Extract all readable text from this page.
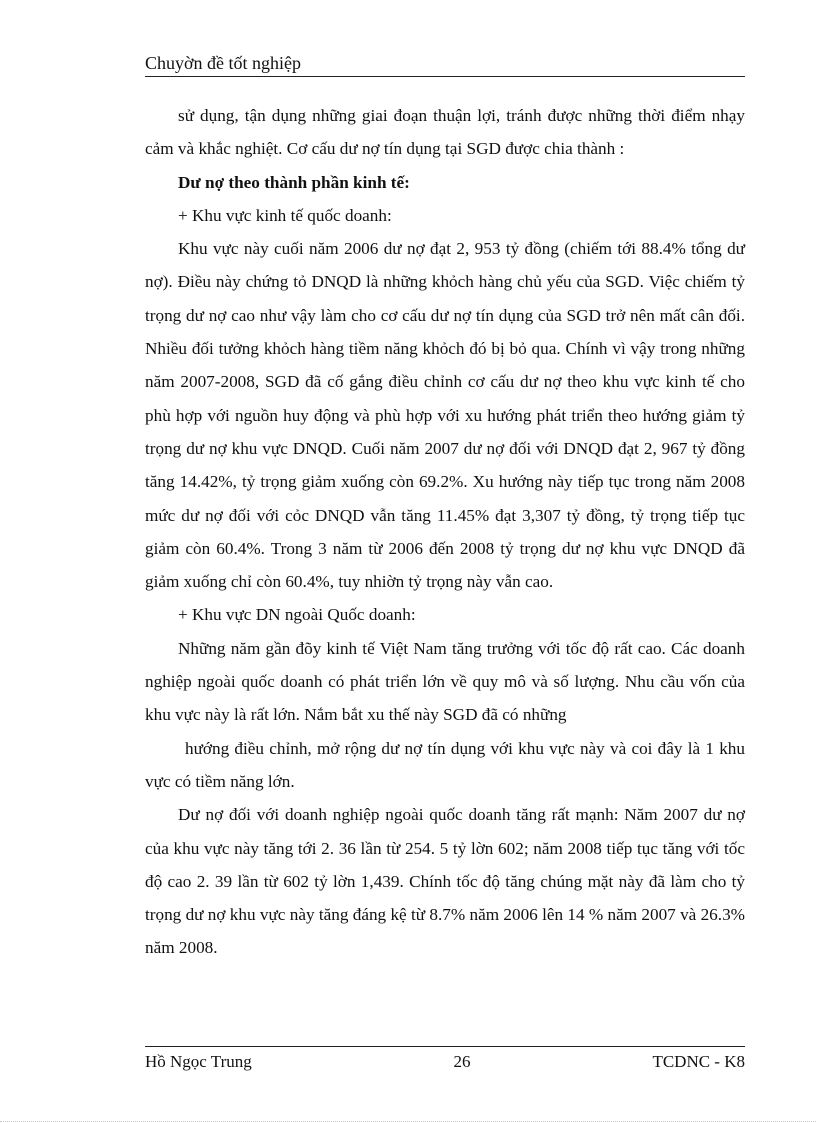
Chuyờn đề tốt nghiệp

sử dụng, tận dụng những giai đoạn thuận lợi, tránh được những thời điểm nhạy cảm và khắc nghiệt. Cơ cấu dư nợ tín dụng tại SGD được chia thành :

Dư nợ theo thành phần kinh tế:

+ Khu vực kinh tế quốc doanh:

Khu vực này cuối năm 2006 dư nợ đạt 2, 953 tỷ đồng (chiếm tới 88.4% tổng dư nợ). Điều này chứng tỏ DNQD là những khỏch hàng chủ yếu của SGD. Việc chiếm tỷ trọng dư nợ cao như vậy làm cho cơ cấu dư nợ tín dụng của SGD trở nên mất cân đối. Nhiều đối tưởng khỏch hàng tiềm năng khỏch đó bị bỏ qua. Chính vì vậy trong những năm 2007-2008, SGD đã cố gắng điều chỉnh cơ cấu dư nợ theo khu vực kinh tế cho phù hợp với nguồn huy động và phù hợp với xu hướng phát triển theo hướng giảm tỷ trọng dư nợ khu vực DNQD. Cuối năm 2007 dư nợ đối với DNQD đạt 2, 967 tỷ đồng tăng 14.42%, tỷ trọng giảm xuống còn 69.2%. Xu hướng này tiếp tục trong năm 2008 mức dư nợ đối với cỏc DNQD vẫn tăng 11.45% đạt 3,307 tỷ đồng, tỷ trọng tiếp tục giảm còn 60.4%. Trong 3 năm từ 2006 đến 2008 tỷ trọng dư nợ khu vực DNQD đã giảm xuống chỉ còn 60.4%, tuy nhiờn tỷ trọng này vẫn cao.

+ Khu vực DN ngoài Quốc doanh:

Những năm gần đõy kinh tế Việt Nam tăng trưởng với tốc độ rất cao. Các doanh nghiệp ngoài quốc doanh có phát triển lớn về quy mô và số lượng. Nhu cầu vốn của khu vực này là rất lớn. Nắm bắt xu thế này SGD đã có những

hướng điều chỉnh, mở rộng dư nợ tín dụng với khu vực này và coi đây là 1 khu vực có tiềm năng lớn.

Dư nợ đối với doanh nghiệp ngoài quốc doanh tăng rất mạnh: Năm 2007 dư nợ của khu vực này tăng tới 2. 36 lần từ 254. 5 tỷ lờn 602; năm 2008 tiếp tục tăng với tốc độ cao 2. 39 lần từ 602 tỷ lờn 1,439. Chính tốc độ tăng chúng mặt này đã làm cho tỷ trọng dư nợ khu vực này tăng đáng kệ từ 8.7% năm 2006 lên 14 % năm 2007 và 26.3% năm 2008.

Hồ Ngọc Trung	26	TCDNC - K8
